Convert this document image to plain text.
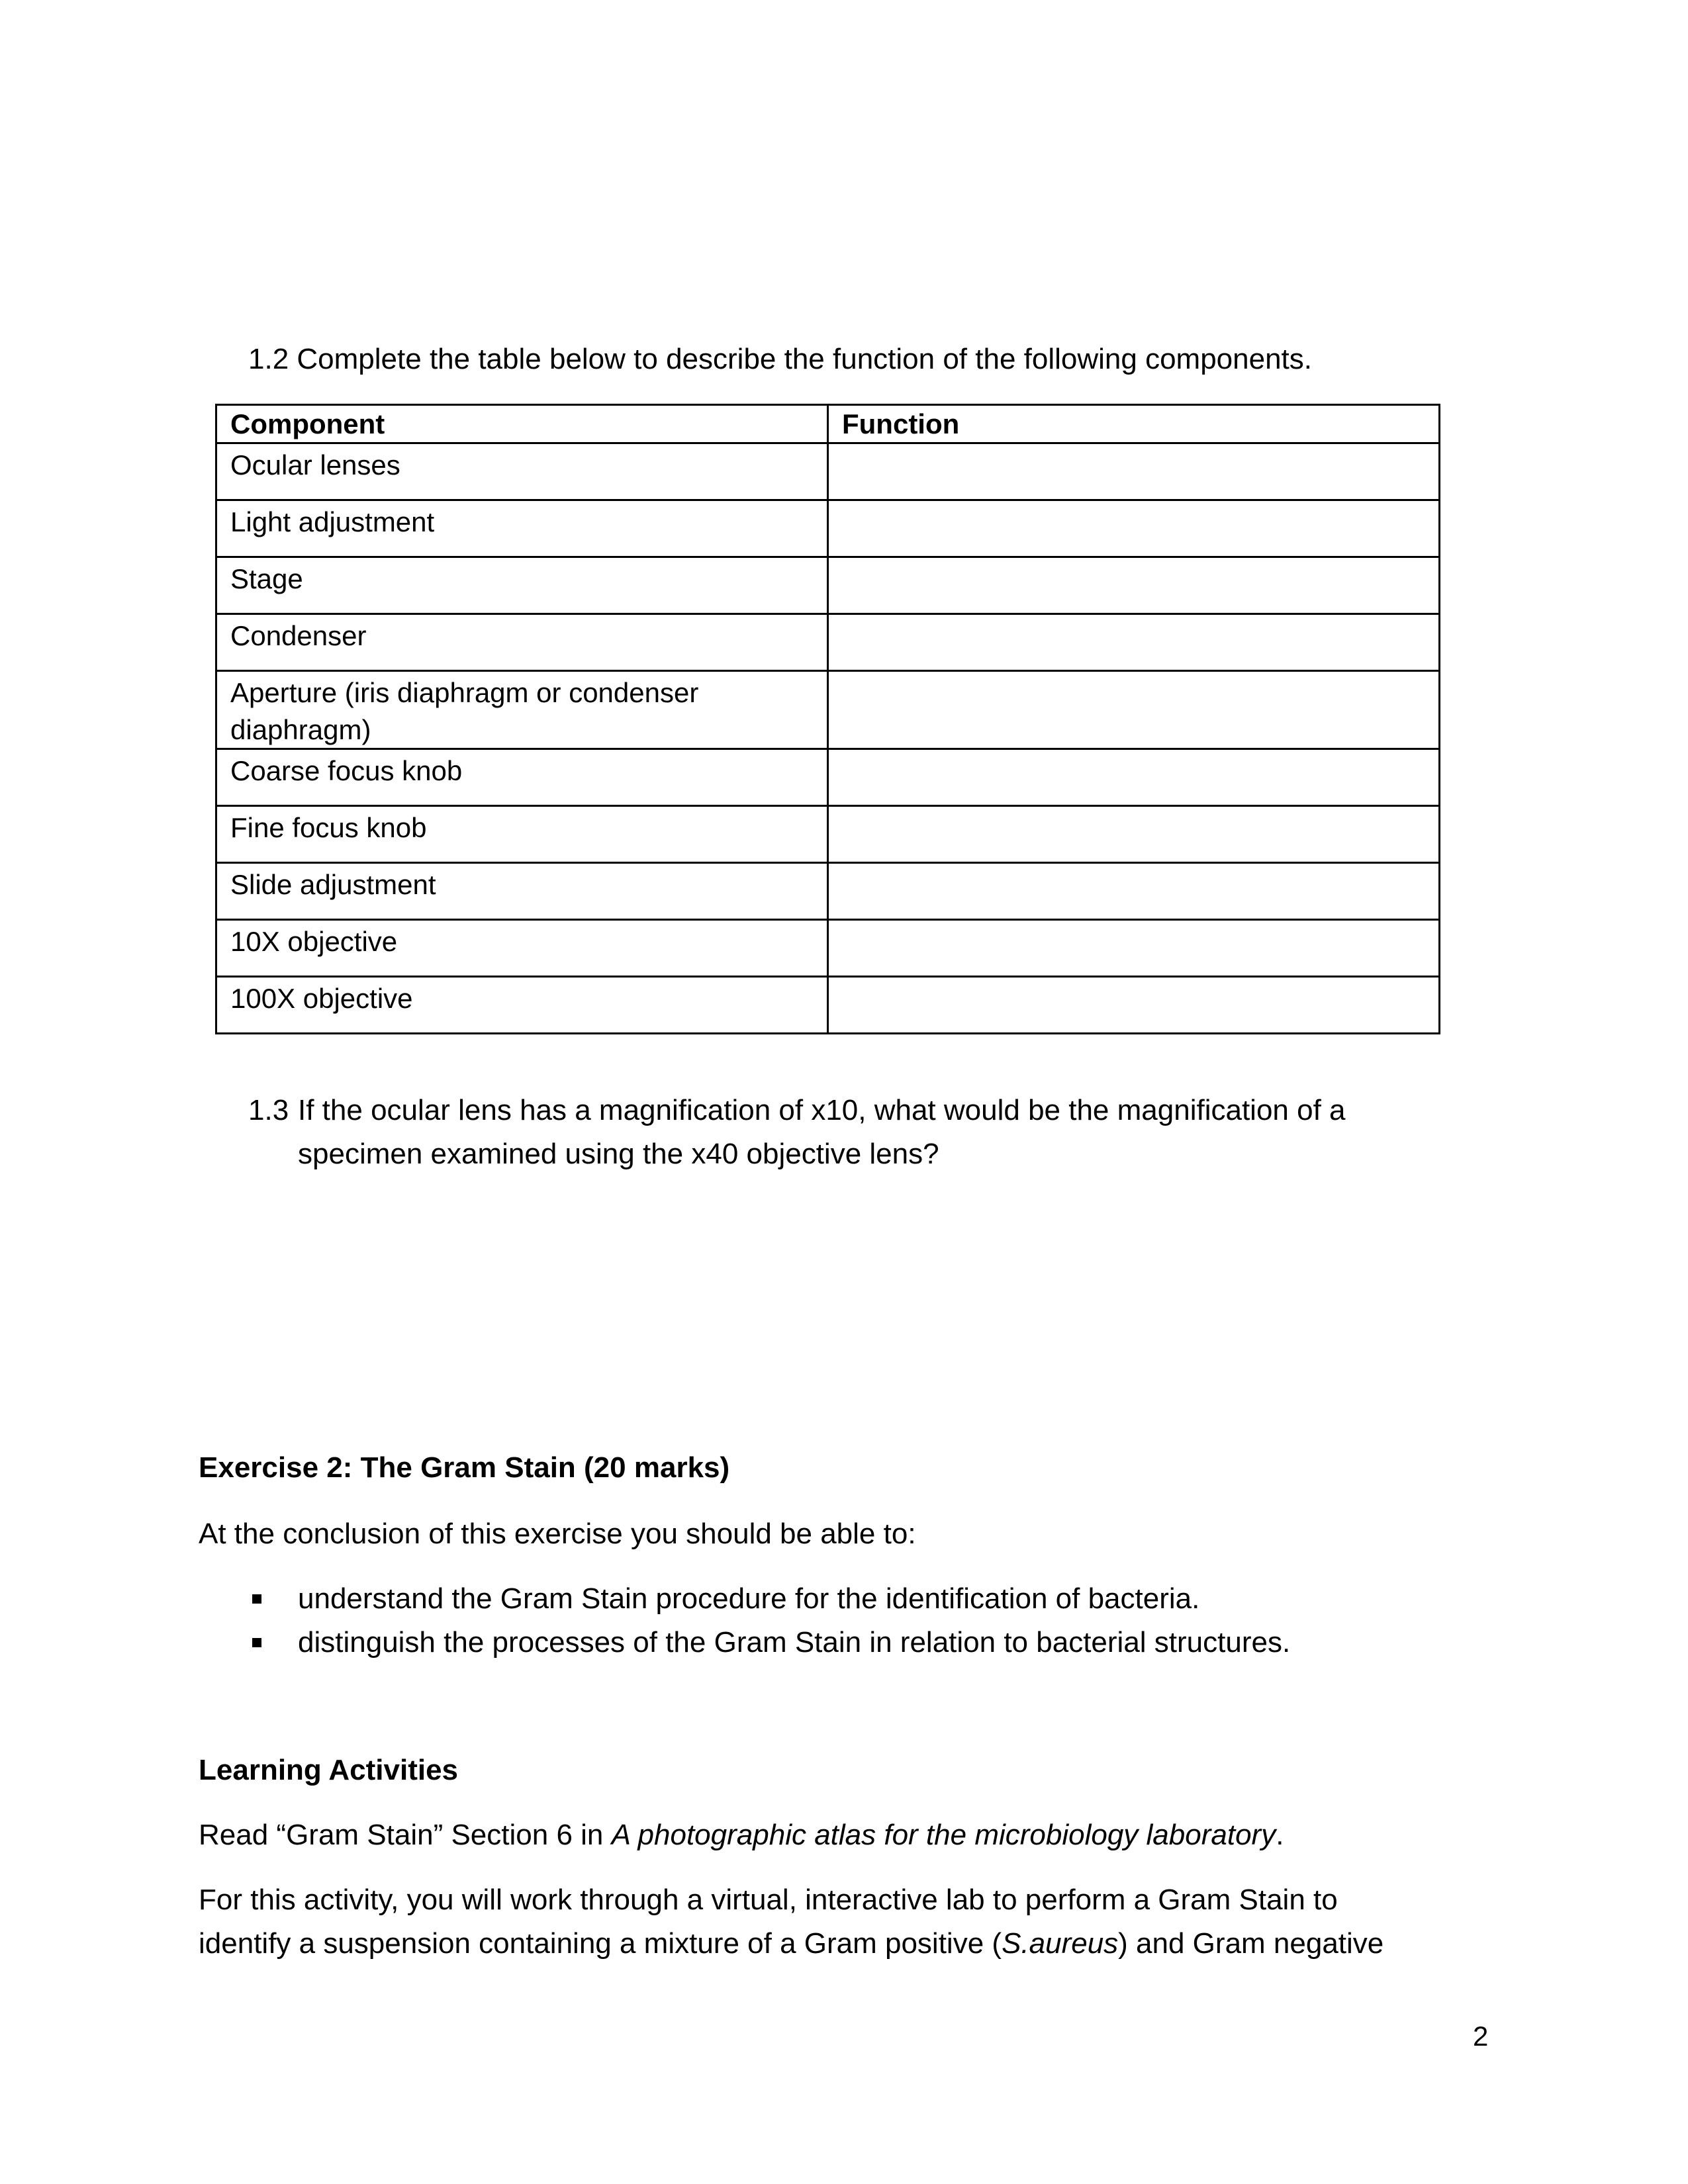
1.2 Complete the table below to describe the function of the following components.
Component	Function
Ocular lenses	
Light adjustment	
Stage	
Condenser	
Aperture (iris diaphragm or condenser diaphragm)	
Coarse focus knob	
Fine focus knob	
Slide adjustment	
10X objective	
100X objective	
1.3 If the ocular lens has a magnification of x10, what would be the magnification of a
specimen examined using the x40 objective lens?
Exercise 2: The Gram Stain (20 marks)
At the conclusion of this exercise you should be able to:
understand the Gram Stain procedure for the identification of bacteria.
distinguish the processes of the Gram Stain in relation to bacterial structures.
Learning Activities
Read “Gram Stain” Section 6 in A photographic atlas for the microbiology laboratory.
For this activity, you will work through a virtual, interactive lab to perform a Gram Stain to
identify a suspension containing a mixture of a Gram positive (S.aureus) and Gram negative
2
